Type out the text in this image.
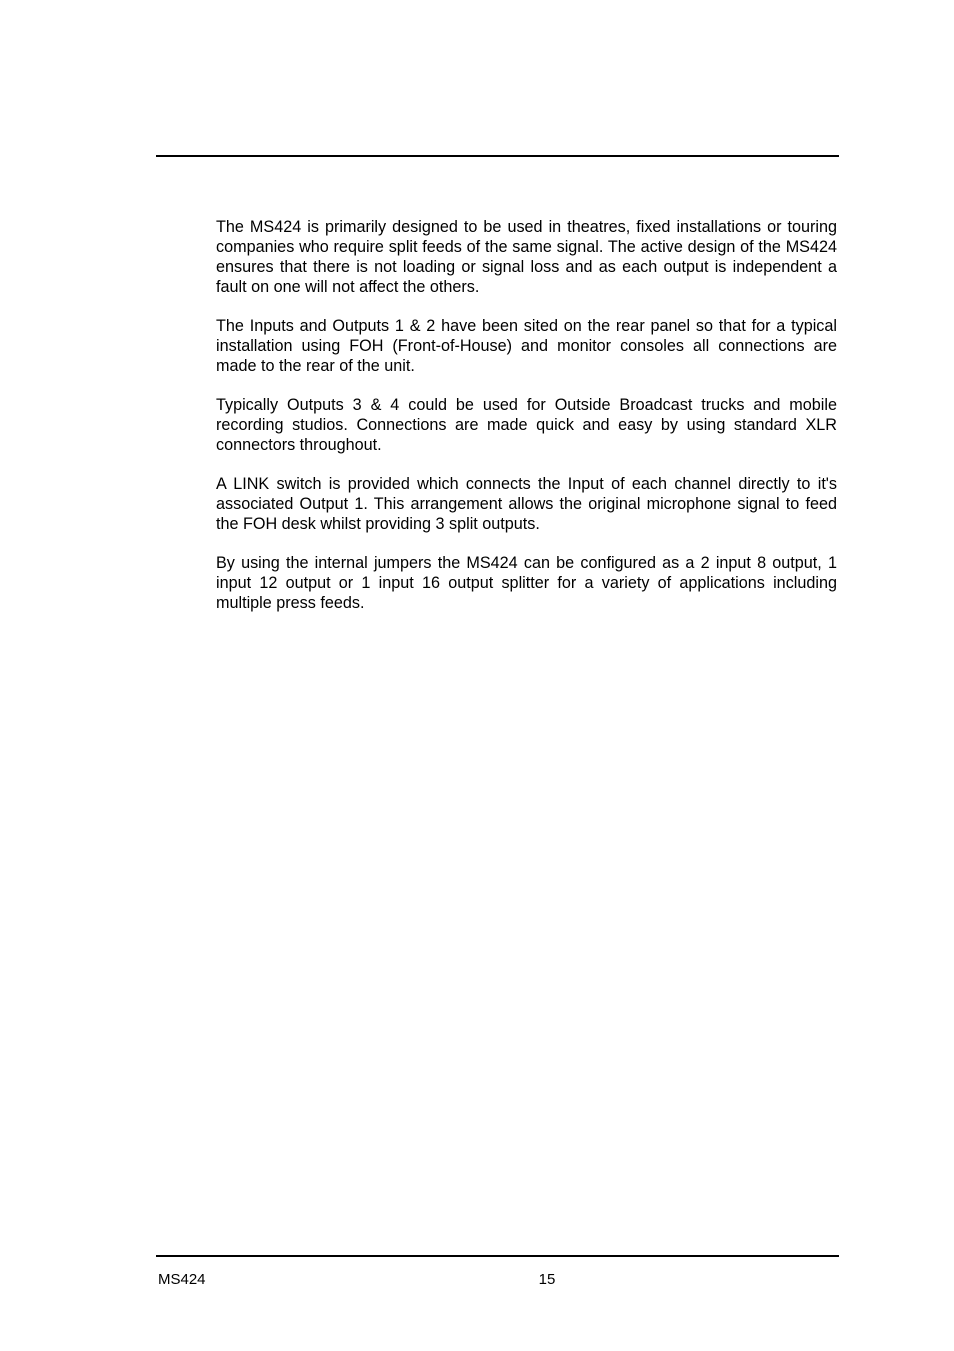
The MS424 is primarily designed to be used in theatres, fixed installations or touring companies who require split feeds of the same signal. The active design of the MS424 ensures that there is not loading or signal loss and as each output is independent a fault on one will not affect the others.

The Inputs and Outputs 1 & 2 have been sited on the rear panel so that for a typical installation using FOH (Front-of-House) and monitor consoles all connections are made to the rear of the unit.

Typically Outputs 3 & 4 could be used for Outside Broadcast trucks and mobile recording studios. Connections are made quick and easy by using standard XLR connectors throughout.

A LINK switch is provided which connects the Input of each channel directly to it's associated Output 1. This arrangement allows the original microphone signal to feed the FOH desk whilst providing 3 split outputs.

By using the internal jumpers the MS424 can be configured as a 2 input 8 output, 1 input 12 output or 1 input 16 output splitter for a variety of applications including multiple press feeds.

MS424	15
